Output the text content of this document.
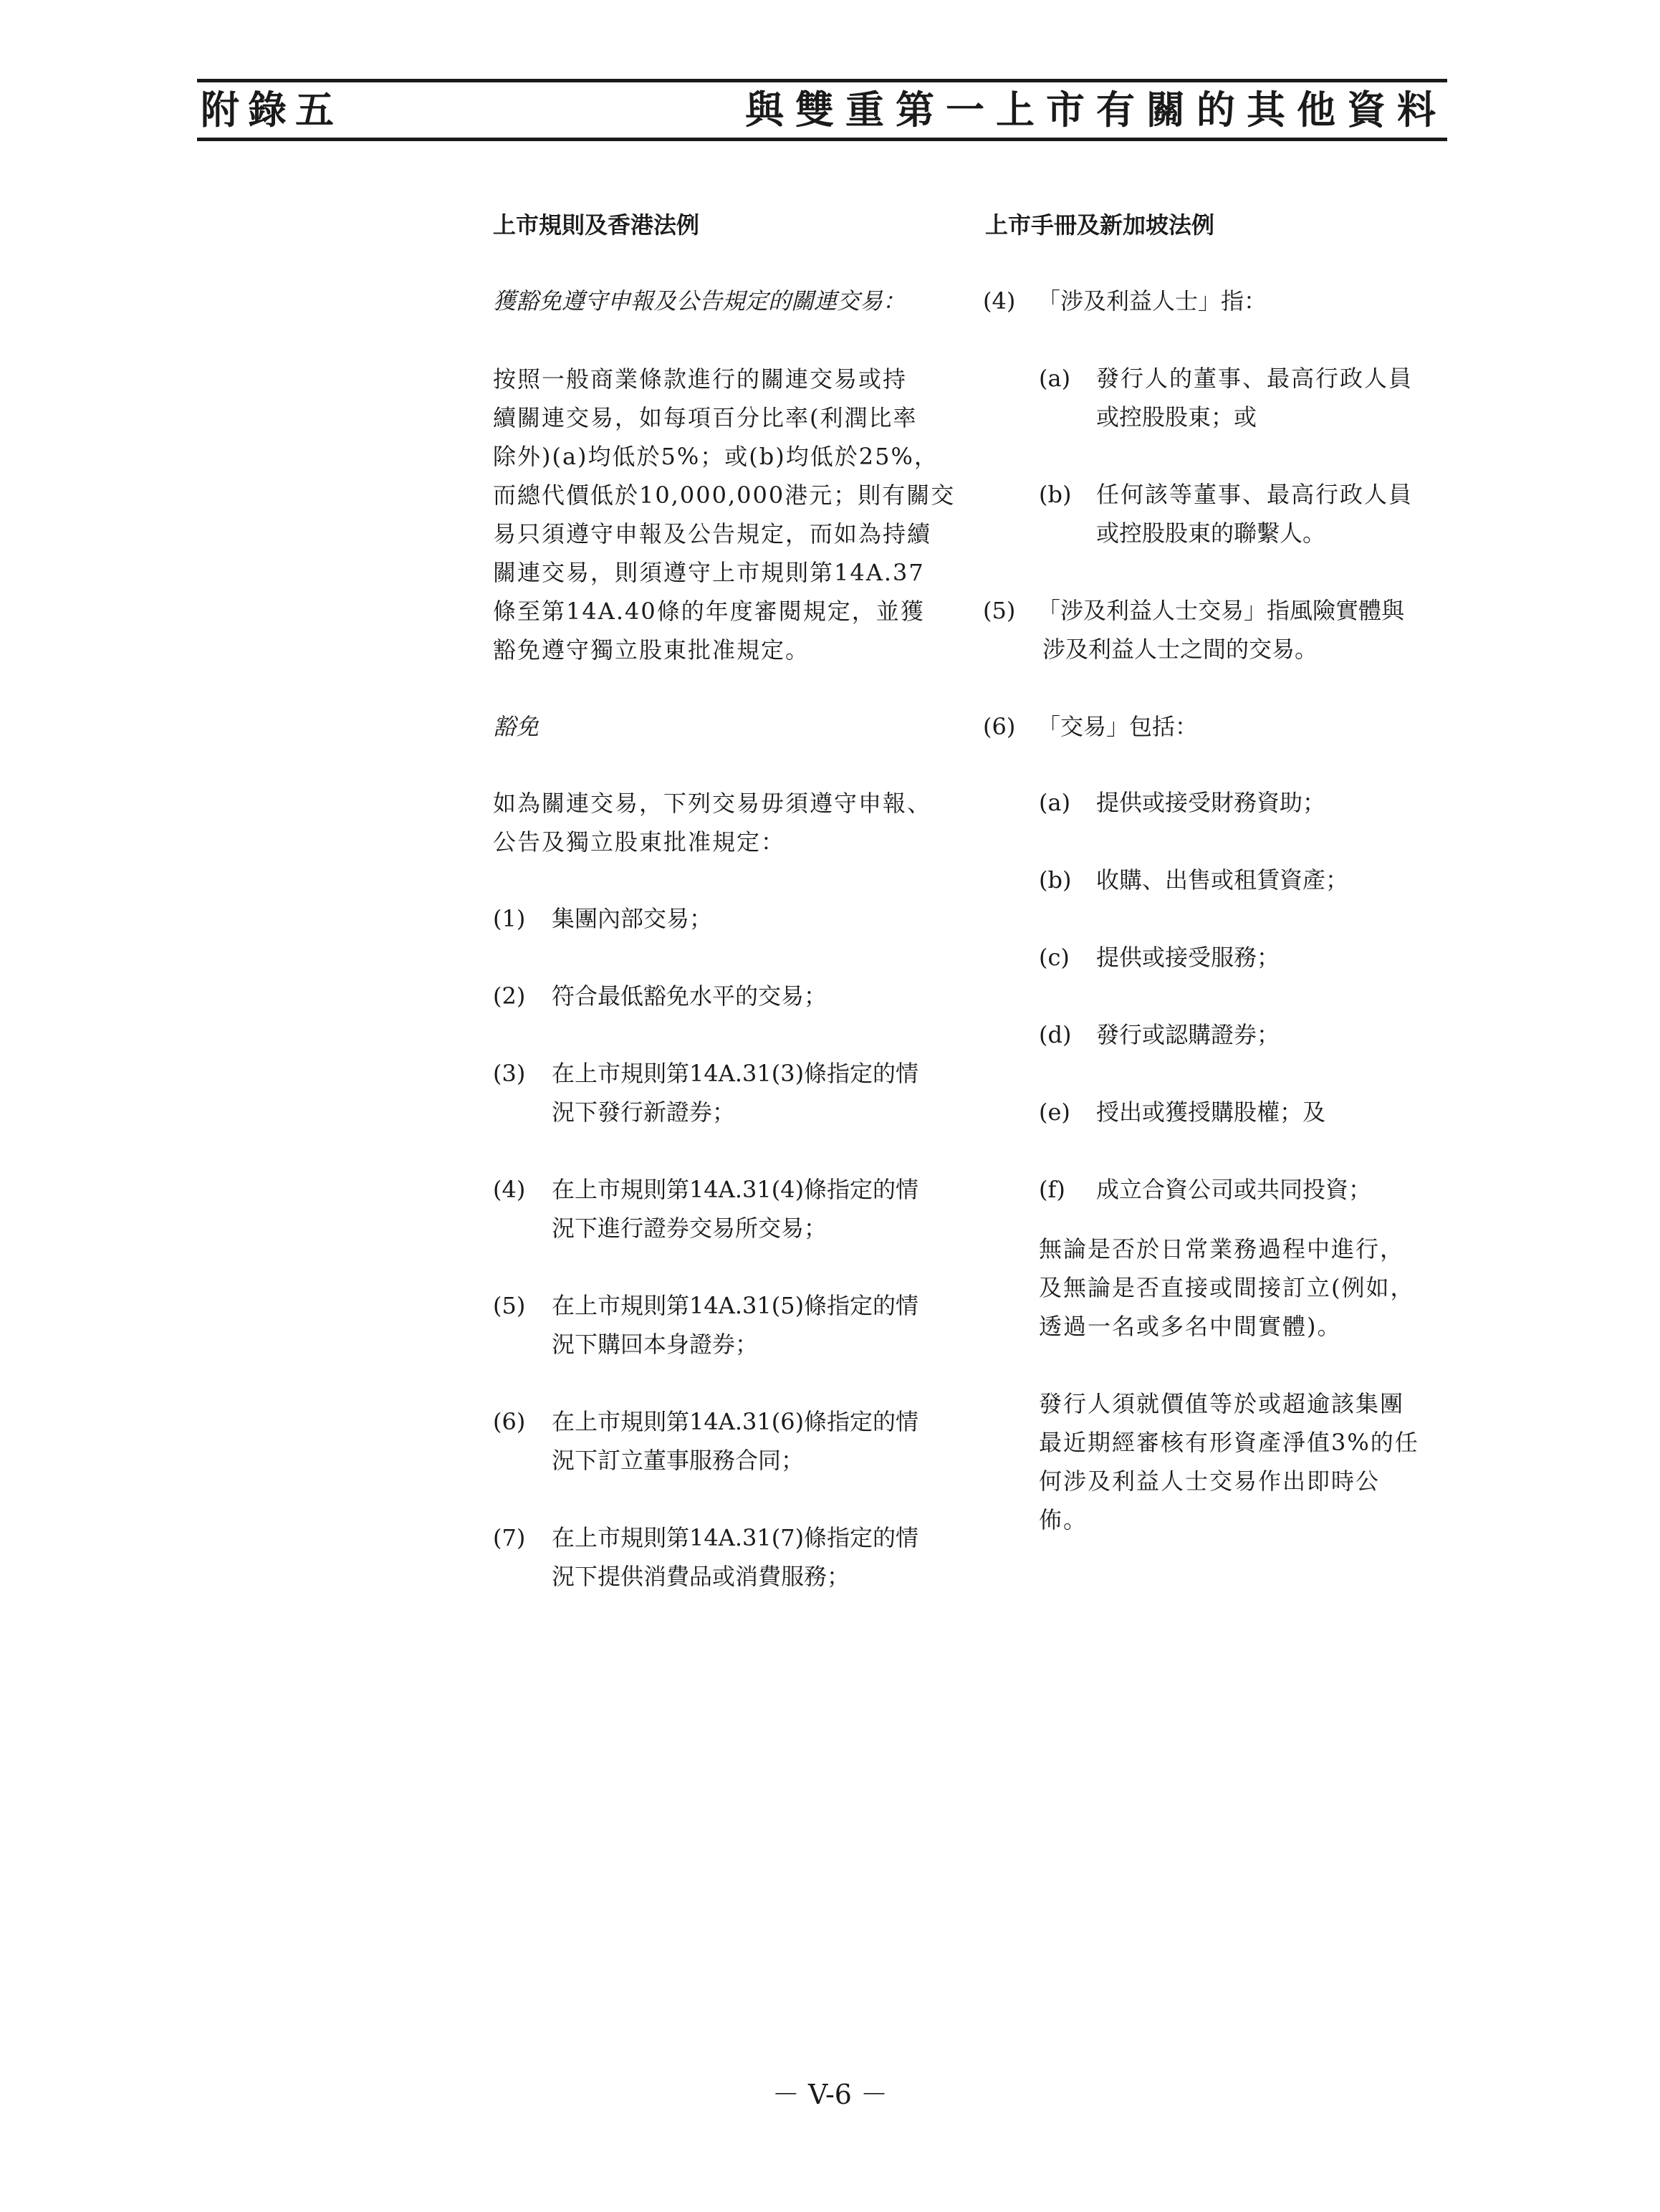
附錄五	與雙重第一上市有關的其他資料
上市規則及香港法例
獲豁免遵守申報及公告規定的關連交易：
按照一般商業條款進行的關連交易或持
續關連交易，如每項百分比率(利潤比率
除外)(a)均低於5%；或(b)均低於25%，
而總代價低於10,000,000港元；則有關交
易只須遵守申報及公告規定，而如為持續
關連交易，則須遵守上市規則第14A.37
條至第14A.40條的年度審閱規定，並獲
豁免遵守獨立股東批准規定。
豁免
如為關連交易，下列交易毋須遵守申報、
公告及獨立股東批准規定：
(1) 集團內部交易；
(2) 符合最低豁免水平的交易；
(3) 在上市規則第14A.31(3)條指定的情
況下發行新證券；
(4) 在上市規則第14A.31(4)條指定的情
況下進行證券交易所交易；
(5) 在上市規則第14A.31(5)條指定的情
況下購回本身證券；
(6) 在上市規則第14A.31(6)條指定的情
況下訂立董事服務合同；
(7) 在上市規則第14A.31(7)條指定的情
況下提供消費品或消費服務；
上市手冊及新加坡法例
(4) 「涉及利益人士」指：
(a) 發行人的董事、最高行政人員
或控股股東；或
(b) 任何該等董事、最高行政人員
或控股股東的聯繫人。
(5) 「涉及利益人士交易」指風險實體與
涉及利益人士之間的交易。
(6) 「交易」包括：
(a) 提供或接受財務資助；
(b) 收購、出售或租賃資產；
(c) 提供或接受服務；
(d) 發行或認購證券；
(e) 授出或獲授購股權；及
(f) 成立合資公司或共同投資；
無論是否於日常業務過程中進行，
及無論是否直接或間接訂立(例如，
透過一名或多名中間實體)。
發行人須就價值等於或超逾該集團
最近期經審核有形資產淨值3%的任
何涉及利益人士交易作出即時公
佈。
－ V-6 －
